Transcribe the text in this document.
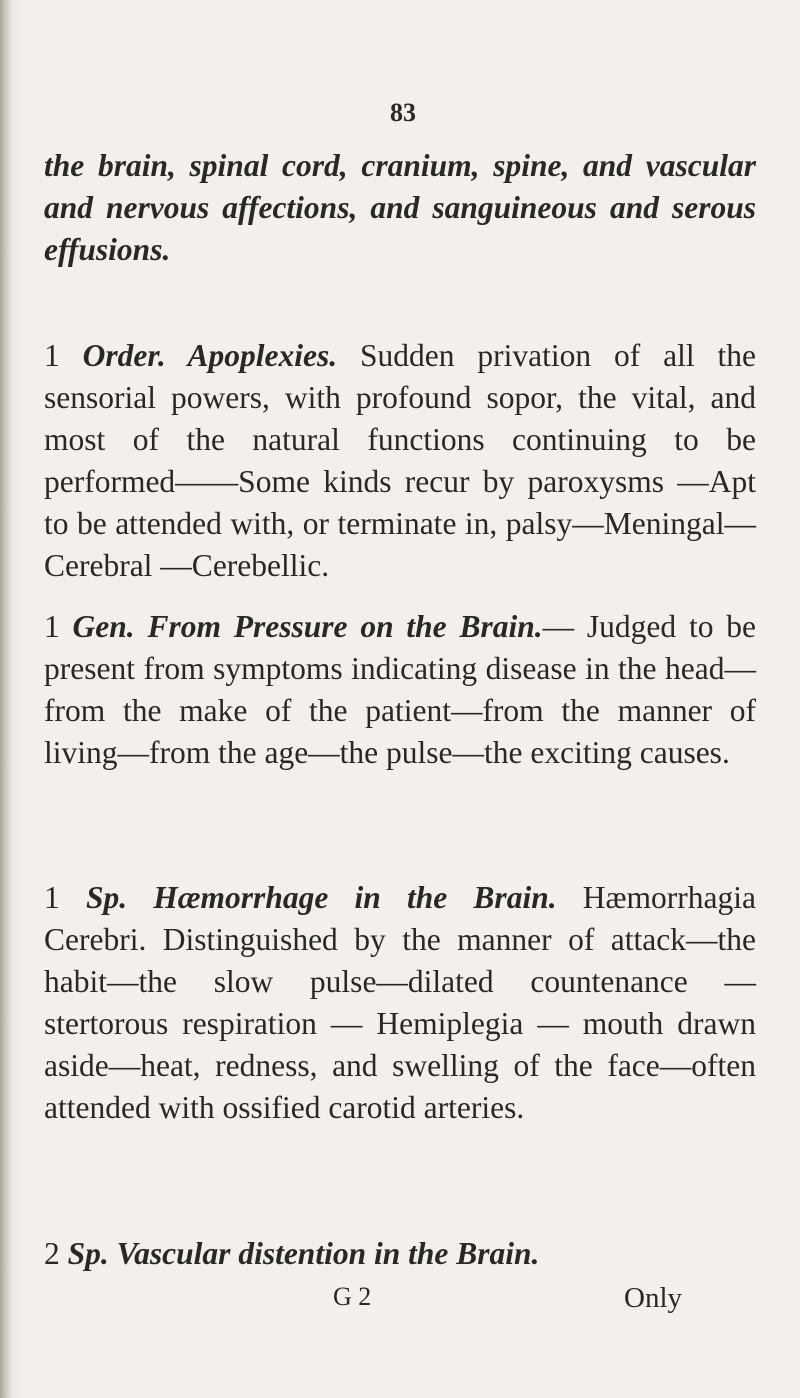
83

the brain, spinal cord, cranium, spine, and vascular and nervous affections, and sanguineous and serous effusions.

1 Order. Apoplexies. Sudden privation of all the sensorial powers, with profound sopor, the vital, and most of the natural functions continuing to be performed——Some kinds recur by paroxysms —Apt to be attended with, or terminate in, palsy—Meningal—Cerebral —Cerebellic.

1 Gen. From Pressure on the Brain.— Judged to be present from symptoms indicating disease in the head—from the make of the patient—from the manner of living—from the age—the pulse—the exciting causes.

1 Sp. Hæmorrhage in the Brain. Hæmorrhagia Cerebri. Distinguished by the manner of attack—the habit—the slow pulse—dilated countenance — stertorous respiration — Hemiplegia — mouth drawn aside—heat, redness, and swelling of the face—often attended with ossified carotid arteries.

2 Sp. Vascular distention in the Brain.

G 2	Only
